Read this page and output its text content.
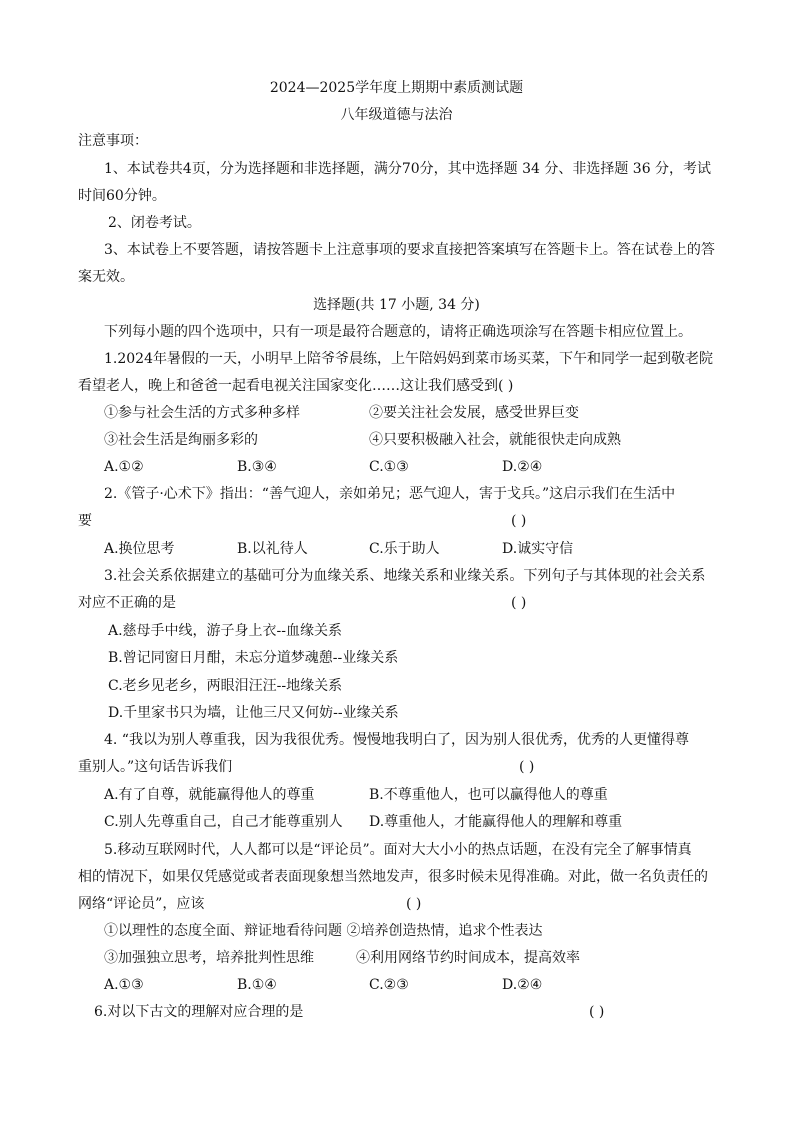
2024—2025学年度上期期中素质测试题
八年级道德与法治
注意事项：
1、本试卷共4页，分为选择题和非选择题，满分70分，其中选择题 34 分、非选择题 36 分，考试
时间60分钟。
2、闭卷考试。
3、本试卷上不要答题，请按答题卡上注意事项的要求直接把答案填写在答题卡上。答在试卷上的答
案无效。
选择题(共 17 小题, 34 分)
下列每小题的四个选项中，只有一项是最符合题意的，请将正确选项涂写在答题卡相应位置上。
1.2024年暑假的一天，小明早上陪爷爷晨练，上午陪妈妈到菜市场买菜，下午和同学一起到敬老院
看望老人，晚上和爸爸一起看电视关注国家变化……这让我们感受到( )
①参与社会生活的方式多种多样	②要关注社会发展，感受世界巨变
③社会生活是绚丽多彩的	④只要积极融入社会，就能很快走向成熟
A.①②	B.③④	C.①③	D.②④
2.《管子·心术下》指出：“善气迎人，亲如弟兄；恶气迎人，害于戈兵。”这启示我们在生活中
要	( )
A.换位思考	B.以礼待人	C.乐于助人	D.诚实守信
3.社会关系依据建立的基础可分为血缘关系、地缘关系和业缘关系。下列句子与其体现的社会关系
对应不正确的是	( )
A.慈母手中线，游子身上衣--血缘关系
B.曾记同窗日月酣，未忘分道梦魂憩--业缘关系
C.老乡见老乡，两眼泪汪汪--地缘关系
D.千里家书只为墙，让他三尺又何妨--业缘关系
4. “我以为别人尊重我，因为我很优秀。慢慢地我明白了，因为别人很优秀，优秀的人更懂得尊
重别人。”这句话告诉我们	( )
A.有了自尊，就能赢得他人的尊重	B.不尊重他人，也可以赢得他人的尊重
C.别人先尊重自己，自己才能尊重别人 D.尊重他人，才能赢得他人的理解和尊重
5.移动互联网时代，人人都可以是“评论员”。面对大大小小的热点话题，在没有完全了解事情真
相的情况下，如果仅凭感觉或者表面现象想当然地发声，很多时候未见得准确。对此，做一名负责任的
网络“评论员”，应该	( )
①以理性的态度全面、辩证地看待问题 ②培养创造热情，追求个性表达
③加强独立思考，培养批判性思维	④利用网络节约时间成本，提高效率
A.①③	B.①④	C.②③	D.②④
6.对以下古文的理解对应合理的是	( )
